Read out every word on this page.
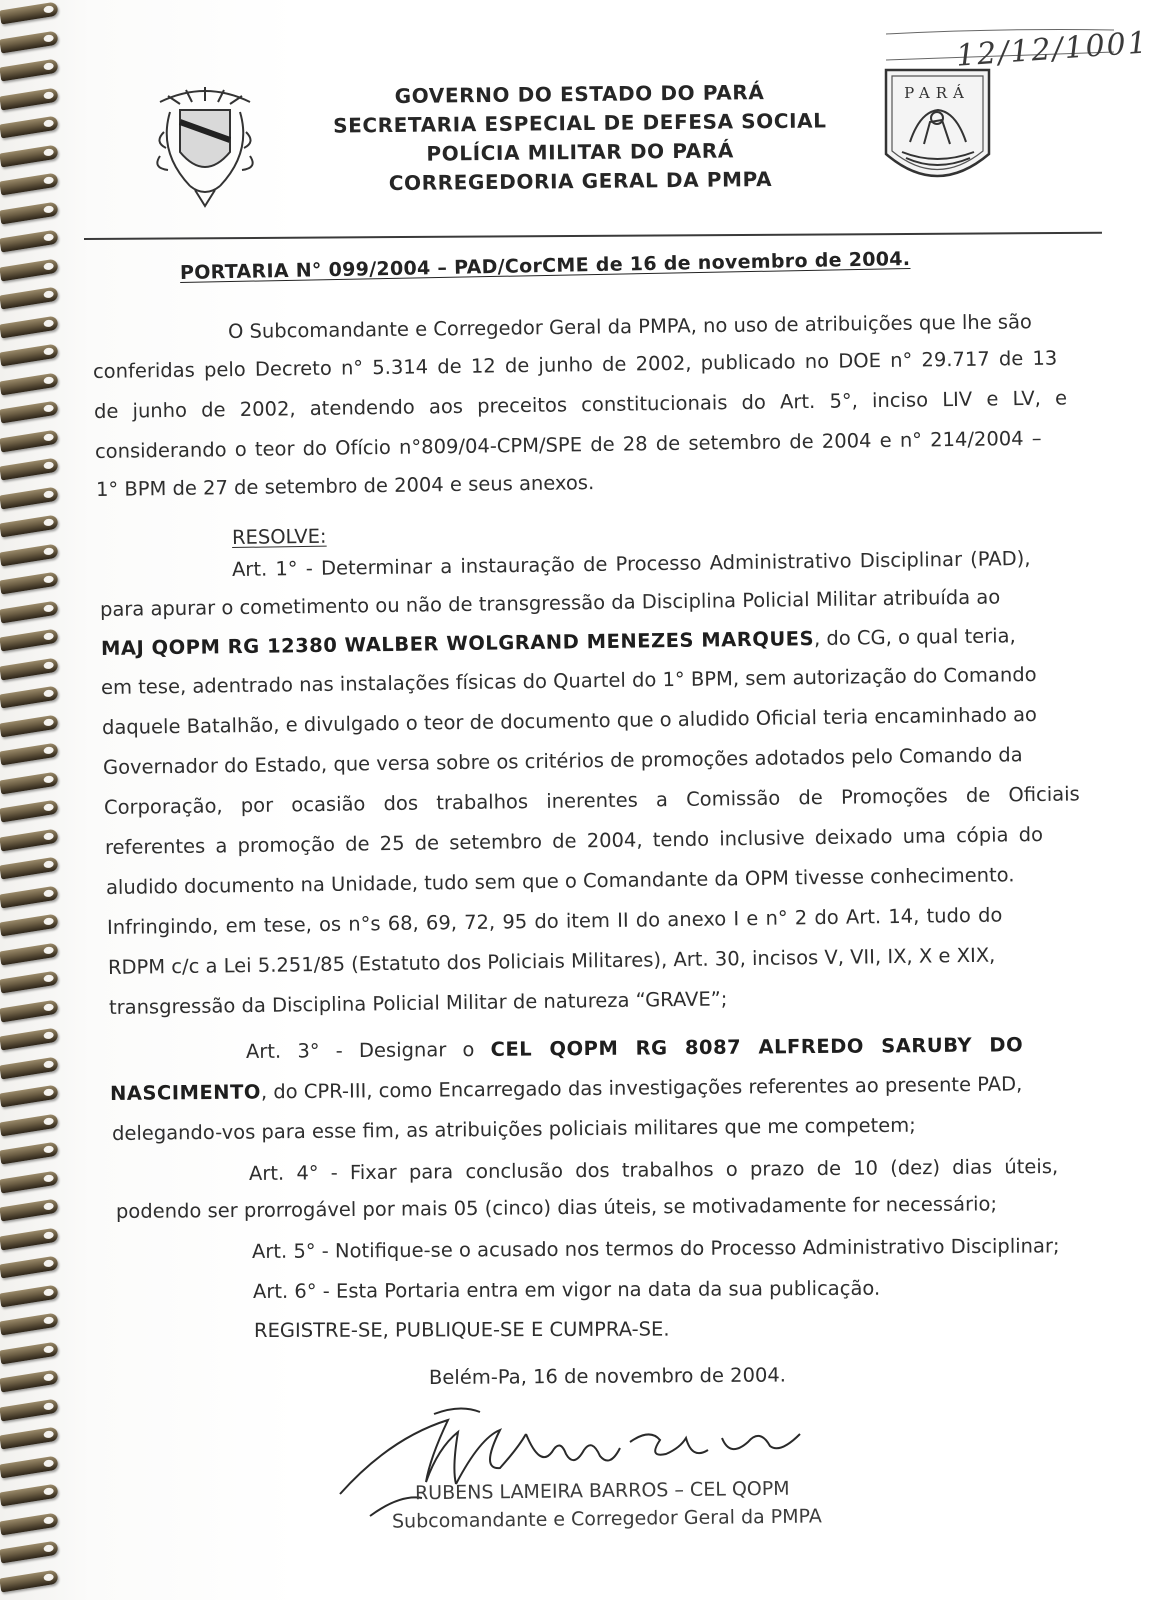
GOVERNO DO ESTADO DO PARÁ
SECRETARIA ESPECIAL DE DEFESA SOCIAL
POLÍCIA MILITAR DO PARÁ
CORREGEDORIA GERAL DA PMPA
PARÁ
12/12/1001
PORTARIA N° 099/2004 – PAD/CorCME de 16 de novembro de 2004.
O Subcomandante e Corregedor Geral da PMPA, no uso de atribuições que lhe são
conferidas pelo Decreto n° 5.314 de 12 de junho de 2002, publicado no DOE n° 29.717 de 13
de junho de 2002, atendendo aos preceitos constitucionais do Art. 5°, inciso LIV e LV, e
considerando o teor do Ofício n°809/04-CPM/SPE de 28 de setembro de 2004 e n° 214/2004 –
1° BPM de 27 de setembro de 2004 e seus anexos.
RESOLVE:
Art. 1° - Determinar a instauração de Processo Administrativo Disciplinar (PAD),
para apurar o cometimento ou não de transgressão da Disciplina Policial Militar atribuída ao
MAJ QOPM RG 12380 WALBER WOLGRAND MENEZES MARQUES, do CG, o qual teria,
em tese, adentrado nas instalações físicas do Quartel do 1° BPM, sem autorização do Comando
daquele Batalhão, e divulgado o teor de documento que o aludido Oficial teria encaminhado ao
Governador do Estado, que versa sobre os critérios de promoções adotados pelo Comando da
Corporação, por ocasião dos trabalhos inerentes a Comissão de Promoções de Oficiais
referentes a promoção de 25 de setembro de 2004, tendo inclusive deixado uma cópia do
aludido documento na Unidade, tudo sem que o Comandante da OPM tivesse conhecimento.
Infringindo, em tese, os n°s 68, 69, 72, 95 do item II do anexo I e n° 2 do Art. 14, tudo do
RDPM c/c a Lei 5.251/85 (Estatuto dos Policiais Militares), Art. 30, incisos V, VII, IX, X e XIX,
transgressão da Disciplina Policial Militar de natureza “GRAVE”;
Art. 3° - Designar o CEL QOPM RG 8087 ALFREDO SARUBY DO
NASCIMENTO, do CPR-III, como Encarregado das investigações referentes ao presente PAD,
delegando-vos para esse fim, as atribuições policiais militares que me competem;
Art. 4° - Fixar para conclusão dos trabalhos o prazo de 10 (dez) dias úteis,
podendo ser prorrogável por mais 05 (cinco) dias úteis, se motivadamente for necessário;
Art. 5° - Notifique-se o acusado nos termos do Processo Administrativo Disciplinar;
Art. 6° - Esta Portaria entra em vigor na data da sua publicação.
REGISTRE-SE, PUBLIQUE-SE E CUMPRA-SE.
Belém-Pa, 16 de novembro de 2004.
RUBENS LAMEIRA BARROS – CEL QOPM
Subcomandante e Corregedor Geral da PMPA
